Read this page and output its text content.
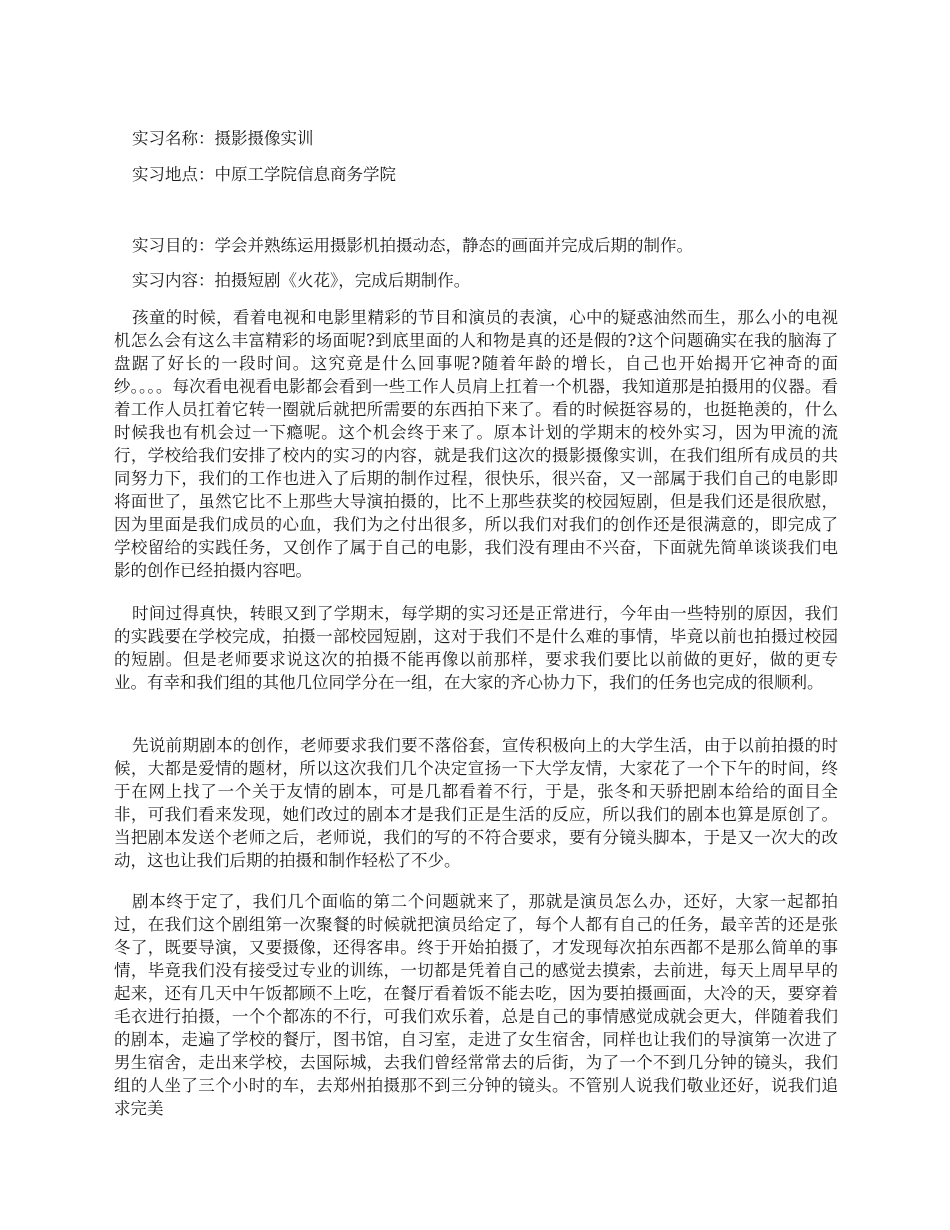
实习名称：摄影摄像实训
实习地点：中原工学院信息商务学院
实习目的：学会并熟练运用摄影机拍摄动态，静态的画面并完成后期的制作。
实习内容：拍摄短剧《火花》，完成后期制作。

孩童的时候，看着电视和电影里精彩的节目和演员的表演，心中的疑惑油然而生，那么小的电视机怎么会有这么丰富精彩的场面呢?到底里面的人和物是真的还是假的?这个问题确实在我的脑海了盘踞了好长的一段时间。这究竟是什么回事呢?随着年龄的增长，自己也开始揭开它神奇的面纱。。。。每次看电视看电影都会看到一些工作人员肩上扛着一个机器，我知道那是拍摄用的仪器。看着工作人员扛着它转一圈就后就把所需要的东西拍下来了。看的时候挺容易的，也挺艳羡的，什么时候我也有机会过一下瘾呢。这个机会终于来了。原本计划的学期末的校外实习，因为甲流的流行，学校给我们安排了校内的实习的内容，就是我们这次的摄影摄像实训，在我们组所有成员的共同努力下，我们的工作也进入了后期的制作过程，很快乐，很兴奋，又一部属于我们自己的电影即将面世了，虽然它比不上那些大导演拍摄的，比不上那些获奖的校园短剧，但是我们还是很欣慰，因为里面是我们成员的心血，我们为之付出很多，所以我们对我们的创作还是很满意的，即完成了学校留给的实践任务，又创作了属于自己的电影，我们没有理由不兴奋，下面就先简单谈谈我们电影的创作已经拍摄内容吧。

时间过得真快，转眼又到了学期末，每学期的实习还是正常进行，今年由一些特别的原因，我们的实践要在学校完成，拍摄一部校园短剧，这对于我们不是什么难的事情，毕竟以前也拍摄过校园的短剧。但是老师要求说这次的拍摄不能再像以前那样，要求我们要比以前做的更好，做的更专业。有幸和我们组的其他几位同学分在一组，在大家的齐心协力下，我们的任务也完成的很顺利。

先说前期剧本的创作，老师要求我们要不落俗套，宣传积极向上的大学生活，由于以前拍摄的时候，大都是爱情的题材，所以这次我们几个决定宣扬一下大学友情，大家花了一个下午的时间，终于在网上找了一个关于友情的剧本，可是几都看着不行，于是，张冬和天骄把剧本给给的面目全非，可我们看来发现，她们改过的剧本才是我们正是生活的反应，所以我们的剧本也算是原创了。当把剧本发送个老师之后，老师说，我们的写的不符合要求，要有分镜头脚本，于是又一次大的改动，这也让我们后期的拍摄和制作轻松了不少。

剧本终于定了，我们几个面临的第二个问题就来了，那就是演员怎么办，还好，大家一起都拍过，在我们这个剧组第一次聚餐的时候就把演员给定了，每个人都有自己的任务，最辛苦的还是张冬了，既要导演，又要摄像，还得客串。终于开始拍摄了，才发现每次拍东西都不是那么简单的事情，毕竟我们没有接受过专业的训练，一切都是凭着自己的感觉去摸索，去前进，每天上周早早的起来，还有几天中午饭都顾不上吃，在餐厅看着饭不能去吃，因为要拍摄画面，大冷的天，要穿着毛衣进行拍摄，一个个都冻的不行，可我们欢乐着，总是自己的事情感觉成就会更大，伴随着我们的剧本，走遍了学校的餐厅，图书馆，自习室，走进了女生宿舍，同样也让我们的导演第一次进了男生宿舍，走出来学校，去国际城，去我们曾经常常去的后街，为了一个不到几分钟的镜头，我们组的人坐了三个小时的车，去郑州拍摄那不到三分钟的镜头。不管别人说我们敬业还好，说我们追求完美
